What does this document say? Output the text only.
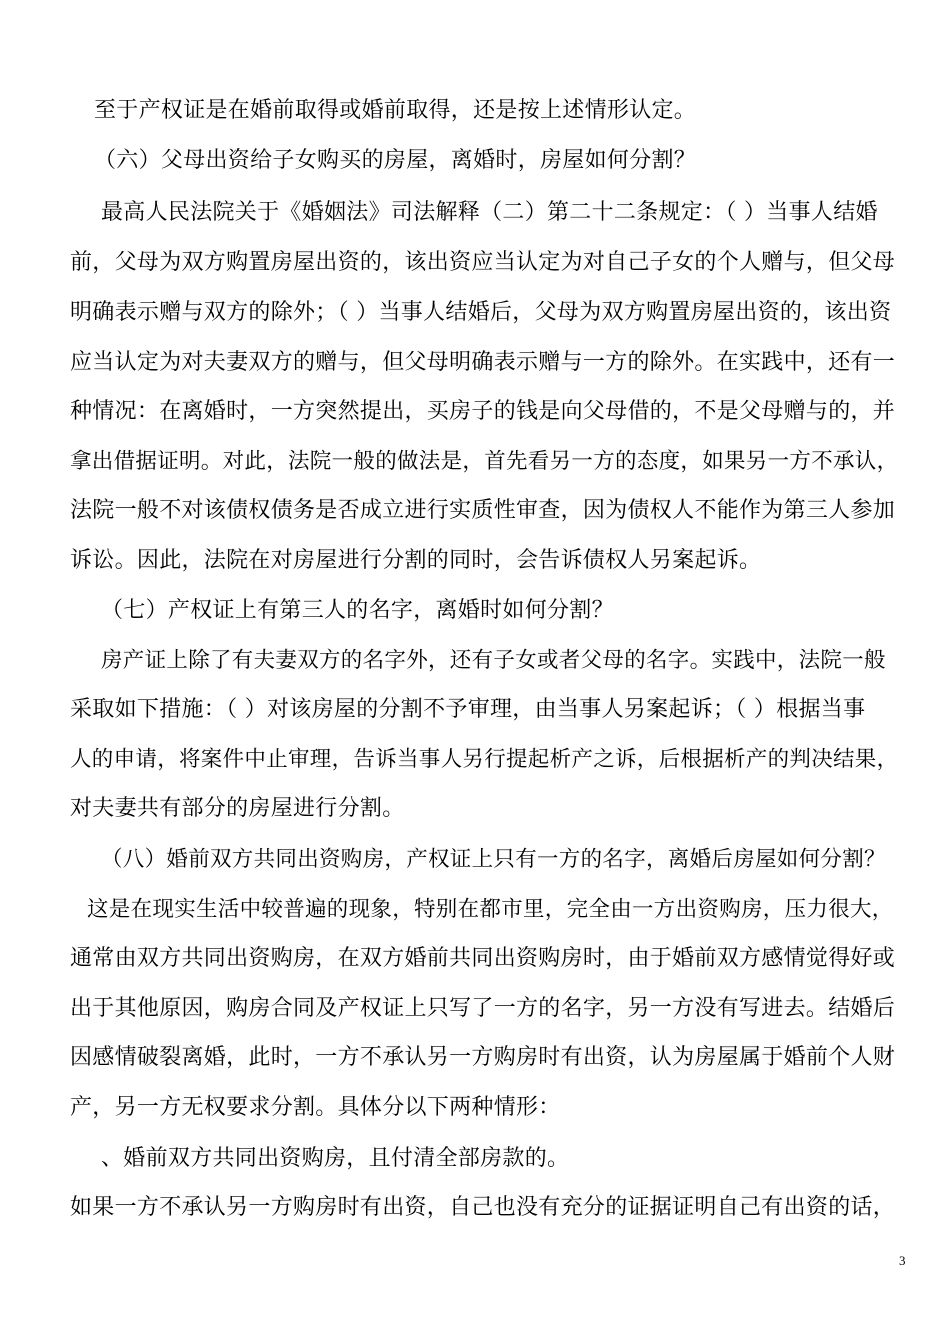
至于产权证是在婚前取得或婚前取得，还是按上述情形认定。
（六）父母出资给子女购买的房屋，离婚时，房屋如何分割？
最高人民法院关于《婚姻法》司法解释（二）第二十二条规定：（ ）当事人结婚
前，父母为双方购置房屋出资的，该出资应当认定为对自己子女的个人赠与，但父母
明确表示赠与双方的除外；（ ）当事人结婚后，父母为双方购置房屋出资的，该出资
应当认定为对夫妻双方的赠与，但父母明确表示赠与一方的除外。在实践中，还有一
种情况：在离婚时，一方突然提出，买房子的钱是向父母借的，不是父母赠与的，并
拿出借据证明。对此，法院一般的做法是，首先看另一方的态度，如果另一方不承认，
法院一般不对该债权债务是否成立进行实质性审查，因为债权人不能作为第三人参加
诉讼。因此，法院在对房屋进行分割的同时，会告诉债权人另案起诉。
（七）产权证上有第三人的名字，离婚时如何分割？
房产证上除了有夫妻双方的名字外，还有子女或者父母的名字。实践中，法院一般
采取如下措施：（ ）对该房屋的分割不予审理，由当事人另案起诉；（ ）根据当事
人的申请，将案件中止审理，告诉当事人另行提起析产之诉，后根据析产的判决结果，
对夫妻共有部分的房屋进行分割。
（八）婚前双方共同出资购房，产权证上只有一方的名字，离婚后房屋如何分割？
这是在现实生活中较普遍的现象，特别在都市里，完全由一方出资购房，压力很大，
通常由双方共同出资购房，在双方婚前共同出资购房时，由于婚前双方感情觉得好或
出于其他原因，购房合同及产权证上只写了一方的名字，另一方没有写进去。结婚后
因感情破裂离婚，此时，一方不承认另一方购房时有出资，认为房屋属于婚前个人财
产，另一方无权要求分割。具体分以下两种情形：
、婚前双方共同出资购房，且付清全部房款的。
如果一方不承认另一方购房时有出资，自己也没有充分的证据证明自己有出资的话，
3
